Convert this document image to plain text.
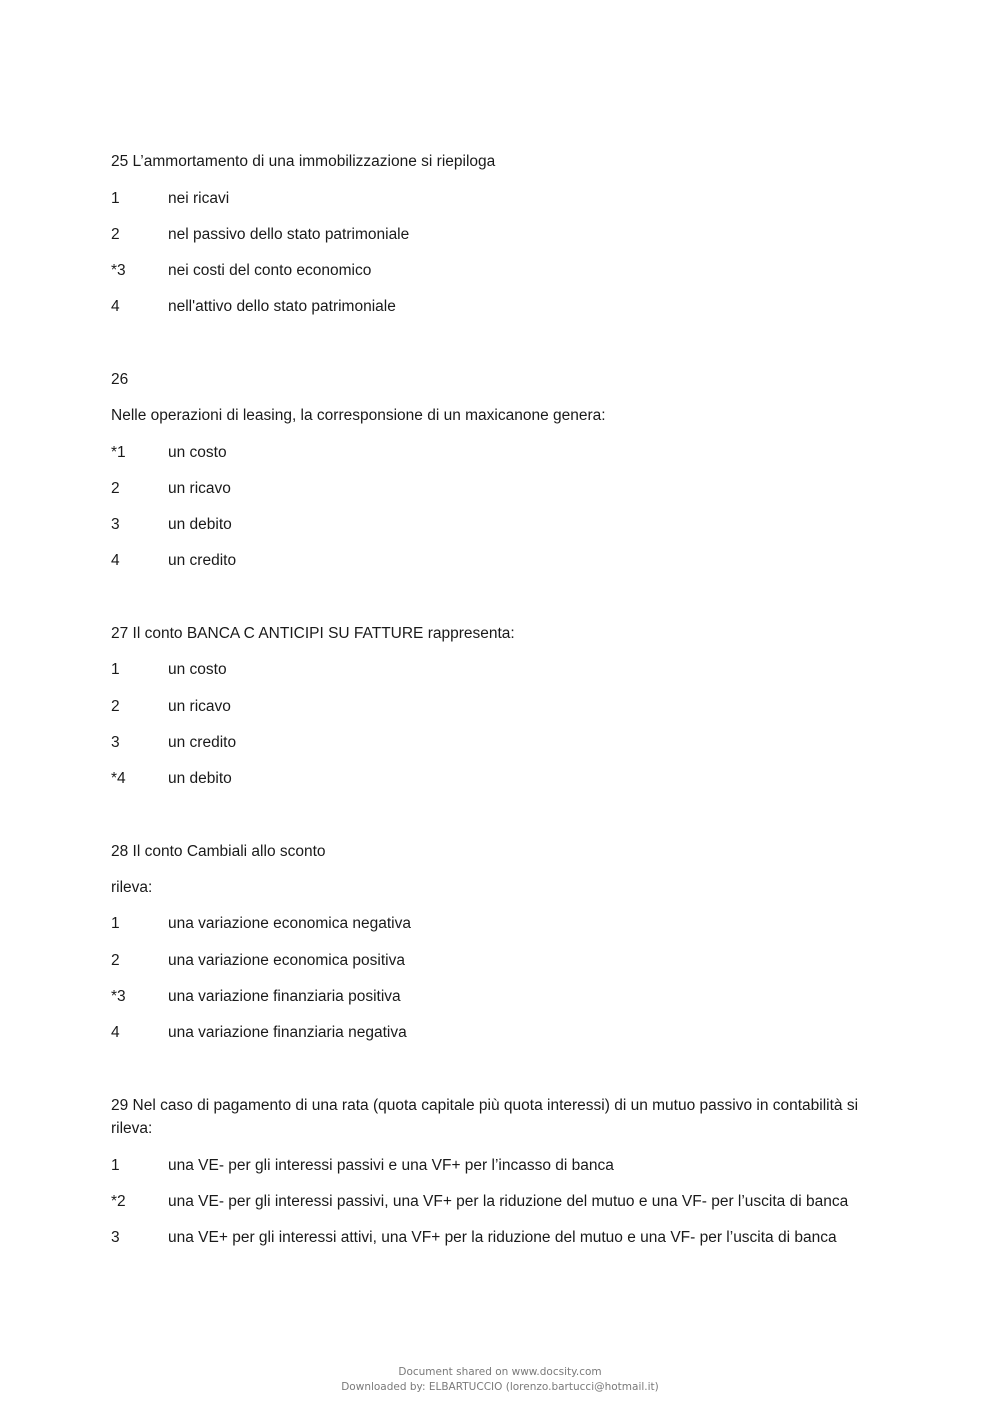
25 L’ammortamento di una immobilizzazione si riepiloga
1	nei ricavi
2	nel passivo dello stato patrimoniale
*3	nei costi del conto economico
4	nell'attivo dello stato patrimoniale
26
Nelle operazioni di leasing, la corresponsione di un maxicanone genera:
*1	un costo
2	un ricavo
3	un debito
4	un credito
27 Il conto BANCA C ANTICIPI SU FATTURE rappresenta:
1	un costo
2	un ricavo
3	un credito
*4	un debito
28 Il conto Cambiali allo sconto
rileva:
1	una variazione economica negativa
2	una variazione economica positiva
*3	una variazione finanziaria positiva
4	una variazione finanziaria negativa
29 Nel caso di pagamento di una rata (quota capitale più quota interessi) di un mutuo passivo in contabilità si rileva:
1	una VE- per gli interessi passivi e una VF+ per l’incasso di banca
*2	una VE- per gli interessi passivi, una VF+ per la riduzione del mutuo e una VF- per l’uscita di banca
3	una VE+ per gli interessi attivi, una VF+ per la riduzione del mutuo e una VF- per l’uscita di banca
Document shared on www.docsity.com
Downloaded by: ELBARTUCCIO (lorenzo.bartucci@hotmail.it)
